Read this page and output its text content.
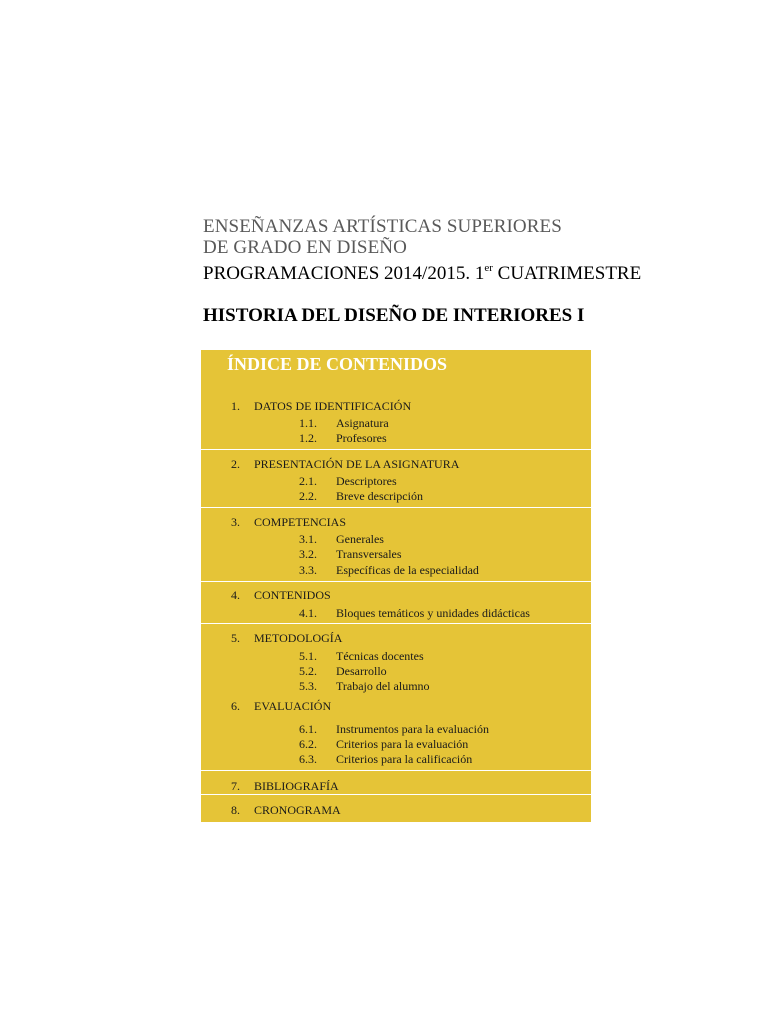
ENSEÑANZAS ARTÍSTICAS SUPERIORES
DE GRADO EN DISEÑO
PROGRAMACIONES 2014/2015. 1er CUATRIMESTRE
HISTORIA DEL DISEÑO DE INTERIORES I
ÍNDICE DE CONTENIDOS
1. DATOS DE IDENTIFICACIÓN
1.1. Asignatura
1.2. Profesores
2. PRESENTACIÓN DE LA ASIGNATURA
2.1. Descriptores
2.2. Breve descripción
3. COMPETENCIAS
3.1. Generales
3.2. Transversales
3.3. Específicas de la especialidad
4. CONTENIDOS
4.1. Bloques temáticos y unidades didácticas
5. METODOLOGÍA
5.1. Técnicas docentes
5.2. Desarrollo
5.3. Trabajo del alumno
6. EVALUACIÓN
6.1. Instrumentos para la evaluación
6.2. Criterios para la evaluación
6.3. Criterios para la calificación
7. BIBLIOGRAFÍA
8. CRONOGRAMA
